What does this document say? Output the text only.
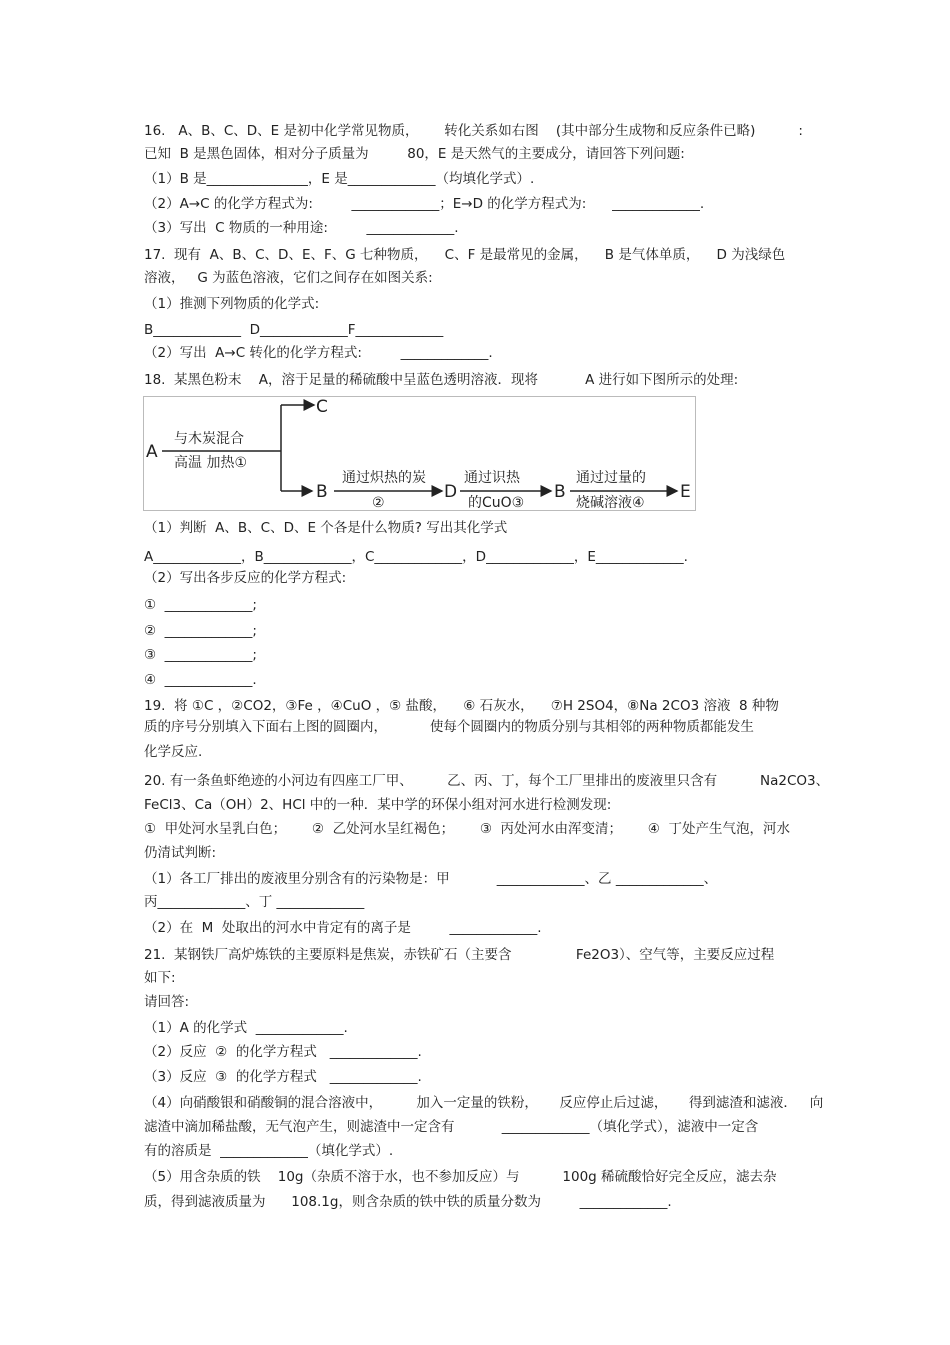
16.   A、B、C、D、E 是初中化学常见物质，      转化关系如右图    (其中部分生成物和反应条件已略)          :
已知  B 是黑色固体，相对分子质量为         80，E 是天然气的主要成分，请回答下列问题:
（1）B 是_______________，E 是_____________（均填化学式）.
（2）A→C 的化学方程式为:         _____________；E→D 的化学方程式为:      _____________.
（3）写出  C 物质的一种用途:         _____________.
17.  现有  A、B、C、D、E、F、G 七种物质，    C、F 是最常见的金属，    B 是气体单质，    D 为浅绿色
溶液，   G 为蓝色溶液，它们之间存在如图关系:
（1）推测下列物质的化学式:
B_____________  D_____________F_____________
（2）写出  A→C 转化的化学方程式:         _____________.
18.  某黑色粉末    A，溶于足量的稀硫酸中呈蓝色透明溶液．现将           A 进行如下图所示的处理:
A
与木炭混合
高温 加热①
C
B
通过炽热的炭
②
D
通过识热
的CuO③
B
通过过量的
烧碱溶液④
E
（1）判断  A、B、C、D、E 个各是什么物质? 写出其化学式
A_____________，B_____________，C_____________，D_____________，E_____________.
（2）写出各步反应的化学方程式:
①  _____________;
②  _____________;
③  _____________;
④  _____________.
19.  将 ①C ，②CO2，③Fe ，④CuO ，⑤ 盐酸，    ⑥ 石灰水，    ⑦H 2SO4，⑧Na 2CO3 溶液  8 种物
质的序号分别填入下面右上图的圆圈内，          使每个圆圈内的物质分别与其相邻的两种物质都能发生
化学反应.
20. 有一条鱼虾绝迹的小河边有四座工厂甲、        乙、丙、丁，每个工厂里排出的废液里只含有          Na2CO3、
FeCl3、Ca（OH）2、HCl 中的一种．某中学的环保小组对河水进行检测发现:
①  甲处河水呈乳白色；      ②  乙处河水呈红褐色；      ③  丙处河水由浑变清；      ④  丁处产生气泡，河水
仍清试判断:
（1）各工厂排出的废液里分别含有的污染物是：甲           _____________、乙 _____________、
丙_____________、丁 _____________
（2）在  M  处取出的河水中肯定有的离子是         _____________.
21.  某钢铁厂高炉炼铁的主要原料是焦炭，赤铁矿石（主要含               Fe2O3）、空气等，主要反应过程
如下:
请回答:
（1）A 的化学式  _____________.
（2）反应  ②  的化学方程式   _____________.
（3）反应  ③  的化学方程式   _____________.
（4）向硝酸银和硝酸铜的混合溶液中，        加入一定量的铁粉，     反应停止后过滤，     得到滤渣和滤液．   向
滤渣中滴加稀盐酸，无气泡产生，则滤渣中一定含有           _____________（填化学式），滤液中一定含
有的溶质是  _____________（填化学式）.
（5）用含杂质的铁    10g（杂质不溶于水，也不参加反应）与          100g 稀硫酸恰好完全反应，滤去杂
质，得到滤液质量为      108.1g，则含杂质的铁中铁的质量分数为         _____________.
